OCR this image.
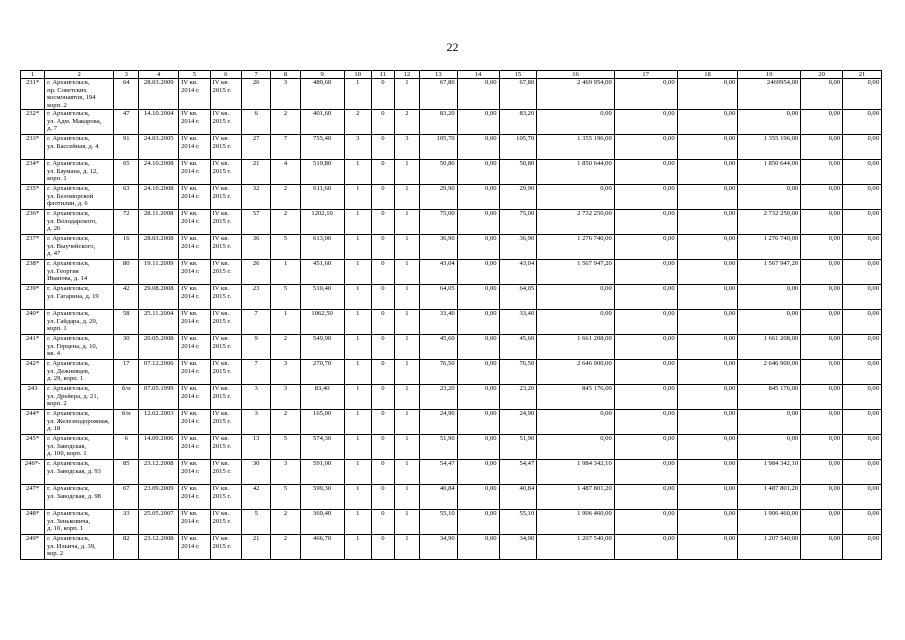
22
1	2	3	4	5	6	7	8	9	10	11	12	13	14	15	16	17	18	19	20	21
231*	г. Архангельск,
пр. Советских
космонавтов, 194
корп. 2	64	28.03.2009	IV кв.
2014 г.	IV кв.
2015 г.	26	3	489,60	1	0	1	67,80	0,00	67,80	2 469 954,00	0,00	0,00	2469954,00	0,00	0,00
232*	г. Архангельск,
ул. Адм. Макарова,
д. 7	47	14.10.2004	IV кв.
2014 г.	IV кв.
2015 г.	6	2	401,60	2	0	2	83,20	0,00	83,20	0,00	0,00	0,00	0,00	0,00	0,00
233*	г. Архангельск,
ул. Бассейная, д. 4	91	24.03.2005	IV кв.
2014 г.	IV кв.
2015 г.	27	7	755,40	3	0	3	105,70	0,00	105,70	1 355 196,00	0,00	0,00	1 355 196,00	0,00	0,00
234*	г. Архангельск,
ул. Баумана, д. 12,
корп. 1	65	24.10.2008	IV кв.
2014 г.	IV кв.
2015 г.	21	4	519,80	1	0	1	50,80	0,00	50,80	1 850 644,00	0,00	0,00	1 850 644,00	0,00	0,00
235*	г. Архангельск,
ул. Беломорской
флотилии, д. 6	63	24.10.2008	IV кв.
2014 г.	IV кв.
2015 г.	32	2	611,60	1	0	1	29,90	0,00	29,90	0,00	0,00	0,00	0,00	0,00	0,00
236*	г. Архангельск,
ул. Володарского,
д. 26	72	28.11.2008	IV кв.
2014 г.	IV кв.
2015 г.	57	2	1202,10	1	0	1	75,00	0,00	75,00	2 732 250,00	0,00	0,00	2 732 250,00	0,00	0,00
237*	г. Архангельск,
ул. Выучейского,
д. 47	16	28.03.2008	IV кв.
2014 г.	IV кв.
2015 г.	36	5	613,00	1	0	1	36,90	0,00	36,90	1 276 740,00	0,00	0,00	1 276 740,00	0,00	0,00
238*	г. Архангельск,
ул. Георгия
Иванова, д. 14	80	19.11.2009	IV кв.
2014 г.	IV кв.
2015 г.	26	1	451,60	1	0	1	43,04	0,00	43,04	1 567 947,20	0,00	0,00	1 567 947,20	0,00	0,00
239*	г. Архангельск,
ул. Гагарина, д. 19	42	29.08.2008	IV кв.
2014 г.	IV кв.
2015 г.	23	5	510,40	1	0	1	64,05	0,00	64,05	0,00	0,00	0,00	0,00	0,00	0,00
240*	г. Архангельск,
ул. Гайдара, д. 29,
корп. 1	58	25.11.2004	IV кв.
2014 г.	IV кв.
2015 г.	7	1	1062,50	1	0	1	33,40	0,00	33,40	0,00	0,00	0,00	0,00	0,00	0,00
241*	г. Архангельск,
ул. Герцена, д. 10,
кв. 4	30	20.05.2008	IV кв.
2014 г.	IV кв.
2015 г.	9	2	549,90	1	0	1	45,60	0,00	45,60	1 661 208,00	0,00	0,00	1 661 208,00	0,00	0,00
242*	г. Архангельск,
ул. Дежневцев,
д. 29, корп. 1	17	07.12.2006	IV кв.
2014 г.	IV кв.
2015 г.	7	3	270,70	1	0	1	76,50	0,00	76,50	2 646 900,00	0,00	0,00	2 646 900,00	0,00	0,00
243	г. Архангельск,
ул. Дрейера, д. 21,
корп. 2	б/н	07.05.1999	IV кв.
2014 г.	IV кв.
2015 г.	3	3	83,40	1	0	1	23,20	0,00	23,20	845 176,00	0,00	0,00	845 176,00	0,00	0,00
244*	г. Архангельск,
ул. Железнодорожная,
д. 18	б/н	12.02.2003	IV кв.
2014 г.	IV кв.
2015 г.	3	2	165,00	1	0	1	24,90	0,00	24,90	0,00	0,00	0,00	0,00	0,00	0,00
245*	г. Архангельск,
ул. Заводская,
д. 100, корп. 1	6	14.09.2006	IV кв.
2014 г.	IV кв.
2015 г.	13	5	574,30	1	0	1	51,90	0,00	51,90	0,00	0,00	0,00	0,00	0,00	0,00
246*-	г. Архангельск,
ул. Заводская, д. 93	85	23.12.2008	IV кв.
2014 г.	IV кв.
2015 г.	30	3	591,00	1	0	1	54,47	0,00	54,47	1 984 342,10	0,00	0,00	1 984 342,10	0,00	0,00
247*	г. Архангельск,
ул. Заводская, д. 98	67	23.09.2009	IV кв.
2014 г.	IV кв.
2015 г.	42	5	599,30	1	0	1	40,84	0,00	40,84	1 487 801,20	0,00	0,00	1 487 801,20	0,00	0,00
248*	г. Архангельск,
ул. Зеньковича,
д. 10, корп. 1	33	25.05.2007	IV кв.
2014 г.	IV кв.
2015 г.	5	2	369,40	1	0	1	55,10	0,00	55,10	1 906 460,00	0,00	0,00	1 906 460,00	0,00	0,00
249*	г. Архангельск,
ул. Ильича, д. 39,
кор. 2	82	23.12.2008	IV кв.
2014 г.	IV кв.
2015 г.	21	2	466,70	1	0	1	34,90	0,00	34,90	1 207 540,00	0,00	0,00	1 207 540,00	0,00	0,00
